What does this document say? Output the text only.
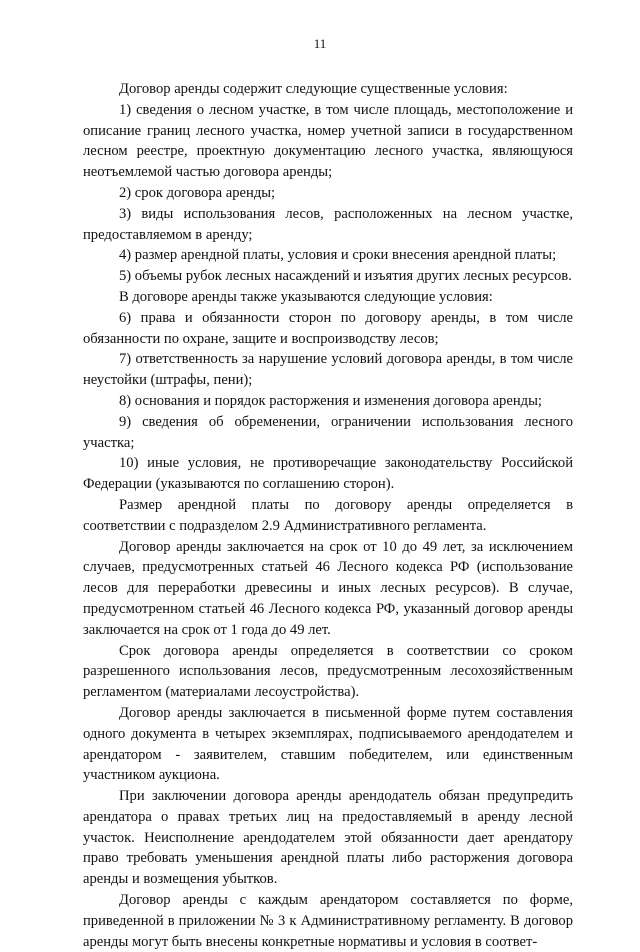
11

Договор аренды содержит следующие существенные условия:

1) сведения о лесном участке, в том числе площадь, местоположение и описание границ лесного участка, номер учетной записи в государственном лесном реестре, проектную документацию лесного участка, являющуюся неотъемлемой частью договора аренды;

2) срок договора аренды;

3) виды использования лесов, расположенных на лесном участке, предоставляемом в аренду;

4) размер арендной платы, условия и сроки внесения арендной платы;

5) объемы рубок лесных насаждений и изъятия других лесных ресурсов.

В договоре аренды также указываются следующие условия:

6) права и обязанности сторон по договору аренды, в том числе обязанности по охране, защите и воспроизводству лесов;

7) ответственность за нарушение условий договора аренды, в том числе неустойки (штрафы, пени);

8) основания и порядок расторжения и изменения договора аренды;

9) сведения об обременении, ограничении использования лесного участка;

10) иные условия, не противоречащие законодательству Российской Федерации (указываются по соглашению сторон).

Размер арендной платы по договору аренды определяется в соответствии с подразделом 2.9 Административного регламента.

Договор аренды заключается на срок от 10 до 49 лет, за исключением случаев, предусмотренных статьей 46 Лесного кодекса РФ (использование лесов для переработки древесины и иных лесных ресурсов). В случае, предусмотренном статьей 46 Лесного кодекса РФ, указанный договор аренды заключается на срок от 1 года до 49 лет.

Срок договора аренды определяется в соответствии со сроком разрешенного использования лесов, предусмотренным лесохозяйственным регламентом (материалами лесоустройства).

Договор аренды заключается в письменной форме путем составления одного документа в четырех экземплярах, подписываемого арендодателем и арендатором - заявителем, ставшим победителем, или единственным участником аукциона.

При заключении договора аренды арендодатель обязан предупредить арендатора о правах третьих лиц на предоставляемый в аренду лесной участок. Неисполнение арендодателем этой обязанности дает арендатору право требовать уменьшения арендной платы либо расторжения договора аренды и возмещения убытков.

Договор аренды с каждым арендатором составляется по форме, приведенной в приложении № 3 к Административному регламенту. В договор аренды могут быть внесены конкретные нормативы и условия в соответ-
